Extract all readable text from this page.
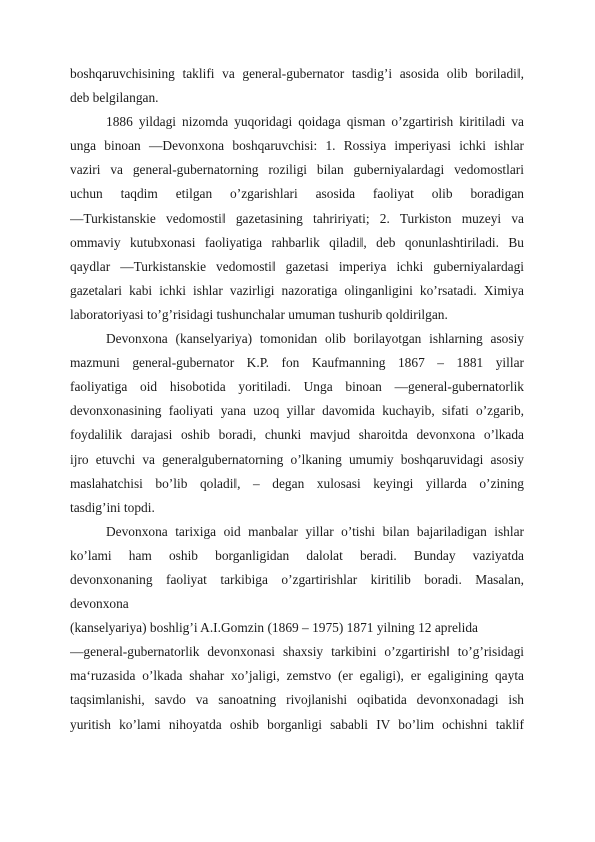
boshqaruvchisining taklifi va general-gubernator tasdig’i asosida olib boriladi‖,
deb belgilangan.
1886 yildagi nizomda yuqoridagi qoidaga qisman o’zgartirish kiritiladi va
unga binoan ―Devonxona boshqaruvchisi: 1. Rossiya imperiyasi ichki ishlar
vaziri va general-gubernatorning roziligi bilan guberniyalardagi vedomostlari
uchun taqdim etilgan o’zgarishlari asosida faoliyat olib boradigan
―Turkistanskie vedomosti‖ gazetasining tahririyati; 2. Turkiston muzeyi va
ommaviy kutubxonasi faoliyatiga rahbarlik qiladi‖, deb qonunlashtiriladi. Bu
qaydlar ―Turkistanskie vedomosti‖ gazetasi imperiya ichki guberniyalardagi
gazetalari kabi ichki ishlar vazirligi nazoratiga olinganligini ko’rsatadi. Ximiya
laboratoriyasi to’g’risidagi tushunchalar umuman tushurib qoldirilgan.
Devonxona (kanselyariya) tomonidan olib borilayotgan ishlarning asosiy
mazmuni general-gubernator K.P. fon Kaufmanning 1867 – 1881 yillar
faoliyatiga oid hisobotida yoritiladi. Unga binoan ―general-gubernatorlik
devonxonasining faoliyati yana uzoq yillar davomida kuchayib, sifati o’zgarib,
foydalilik darajasi oshib boradi, chunki mavjud sharoitda devonxona o’lkada
ijro etuvchi va generalgubernatorning o’lkaning umumiy boshqaruvidagi asosiy
maslahatchisi bo’lib qoladi‖, – degan xulosasi keyingi yillarda o’zining
tasdig’ini topdi.
Devonxona tarixiga oid manbalar yillar o’tishi bilan bajariladigan ishlar
ko’lami ham oshib borganligidan dalolat beradi. Bunday vaziyatda
devonxonaning faoliyat tarkibiga o’zgartirishlar kiritilib boradi. Masalan,
devonxona
(kanselyariya) boshlig’i A.I.Gomzin (1869 – 1975) 1871 yilning 12 aprelida
―general-gubernatorlik devonxonasi shaxsiy tarkibini o’zgartirish‖ to’g’risidagi
ma‘ruzasida o’lkada shahar xo’jaligi, zemstvo (er egaligi), er egaligining qayta
taqsimlanishi, savdo va sanoatning rivojlanishi oqibatida devonxonadagi ish
yuritish ko’lami nihoyatda oshib borganligi sababli IV bo’lim ochishni taklif
